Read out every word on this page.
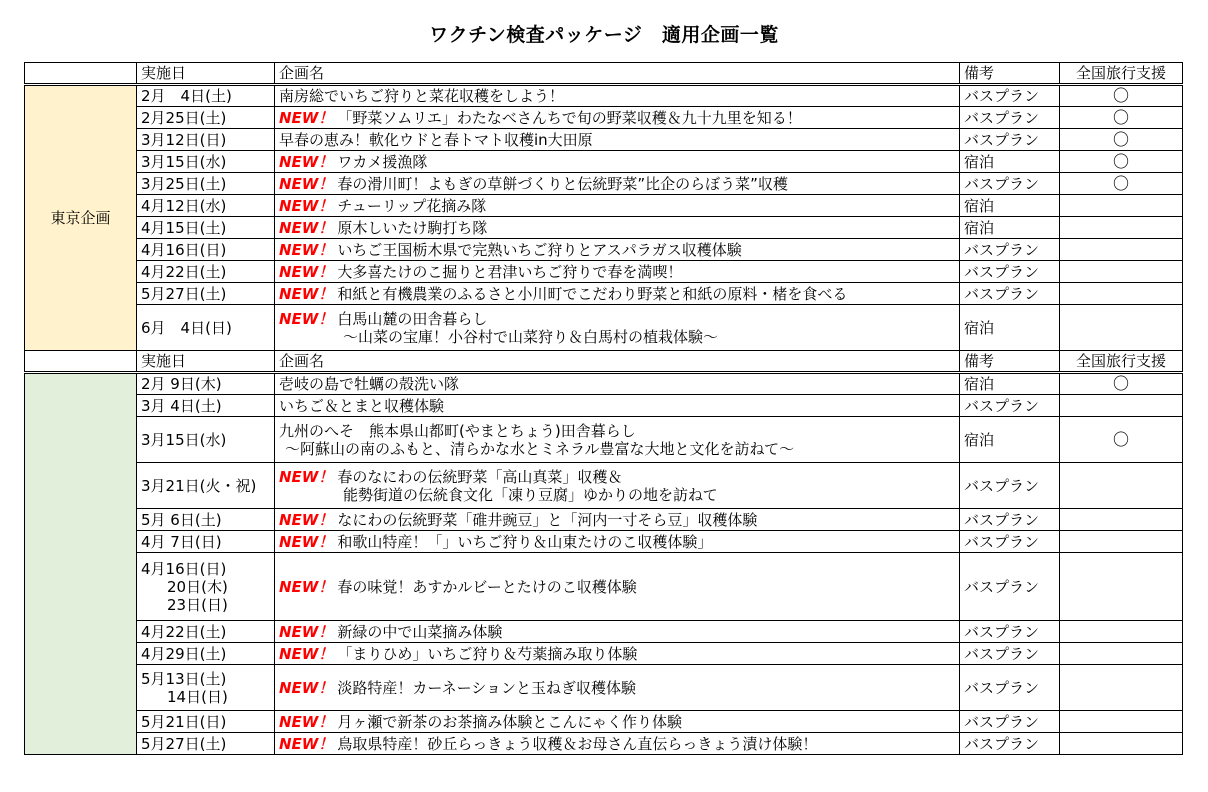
ワクチン検査パッケージ　適用企画一覧
	実施日	企画名	備考	全国旅行支援
東京企画	2月　4日(土)	南房総でいちご狩りと菜花収穫をしよう！	バスプラン	〇

	2月25日(土)	NEW！ 「野菜ソムリエ」わたなべさんちで旬の野菜収穫＆九十九里を知る！	バスプラン	〇

	3月12日(日)	早春の恵み！軟化ウドと春トマト収穫in大田原	バスプラン	〇

	3月15日(水)	NEW！ ワカメ援漁隊	宿泊	〇

	3月25日(土)	NEW！ 春の滑川町！よもぎの草餅づくりと伝統野菜”比企のらぼう菜”収穫	バスプラン	〇

	4月12日(水)	NEW！ チューリップ花摘み隊	宿泊	

	4月15日(土)	NEW！ 原木しいたけ駒打ち隊	宿泊	

	4月16日(日)	NEW！ いちご王国栃木県で完熟いちご狩りとアスパラガス収穫体験	バスプラン	

	4月22日(土)	NEW！ 大多喜たけのこ掘りと君津いちご狩りで春を満喫！	バスプラン	

	5月27日(土)	NEW！ 和紙と有機農業のふるさと小川町でこだわり野菜と和紙の原料・楮を食べる	バスプラン	

	6月　4日(日)	NEW！ 白馬山麓の田舎暮らし
～山菜の宝庫！小谷村で山菜狩り＆白馬村の植栽体験～	宿泊	
	実施日	企画名	備考	全国旅行支援

	2月 9日(木)	壱岐の島で牡蠣の殻洗い隊	宿泊	〇

	3月 4日(土)	いちご＆とまと収穫体験	バスプラン	

	3月15日(水)	九州のへそ　熊本県山都町(やまとちょう)田舎暮らし
～阿蘇山の南のふもと、清らかな水とミネラル豊富な大地と文化を訪ねて～	宿泊	〇

	3月21日(火・祝)	NEW！ 春のなにわの伝統野菜「高山真菜」収穫＆
能勢街道の伝統食文化「凍り豆腐」ゆかりの地を訪ねて	バスプラン	

	5月 6日(土)	NEW！ なにわの伝統野菜「碓井豌豆」と「河内一寸そら豆」収穫体験	バスプラン	

	4月 7日(日)	NEW！ 和歌山特産！「」いちご狩り＆山東たけのこ収穫体験」	バスプラン	

	4月16日(日)
20日(木)
23日(日)	NEW！ 春の味覚！あすかルビーとたけのこ収穫体験	バスプラン	

	4月22日(土)	NEW！ 新緑の中で山菜摘み体験	バスプラン	

	4月29日(土)	NEW！ 「まりひめ」いちご狩り＆芍薬摘み取り体験	バスプラン	

	5月13日(土)
14日(日)	NEW！ 淡路特産！カーネーションと玉ねぎ収穫体験	バスプラン	

	5月21日(日)	NEW！ 月ヶ瀬で新茶のお茶摘み体験とこんにゃく作り体験	バスプラン	

	5月27日(土)	NEW！ 鳥取県特産！砂丘らっきょう収穫＆お母さん直伝らっきょう漬け体験！	バスプラン	
